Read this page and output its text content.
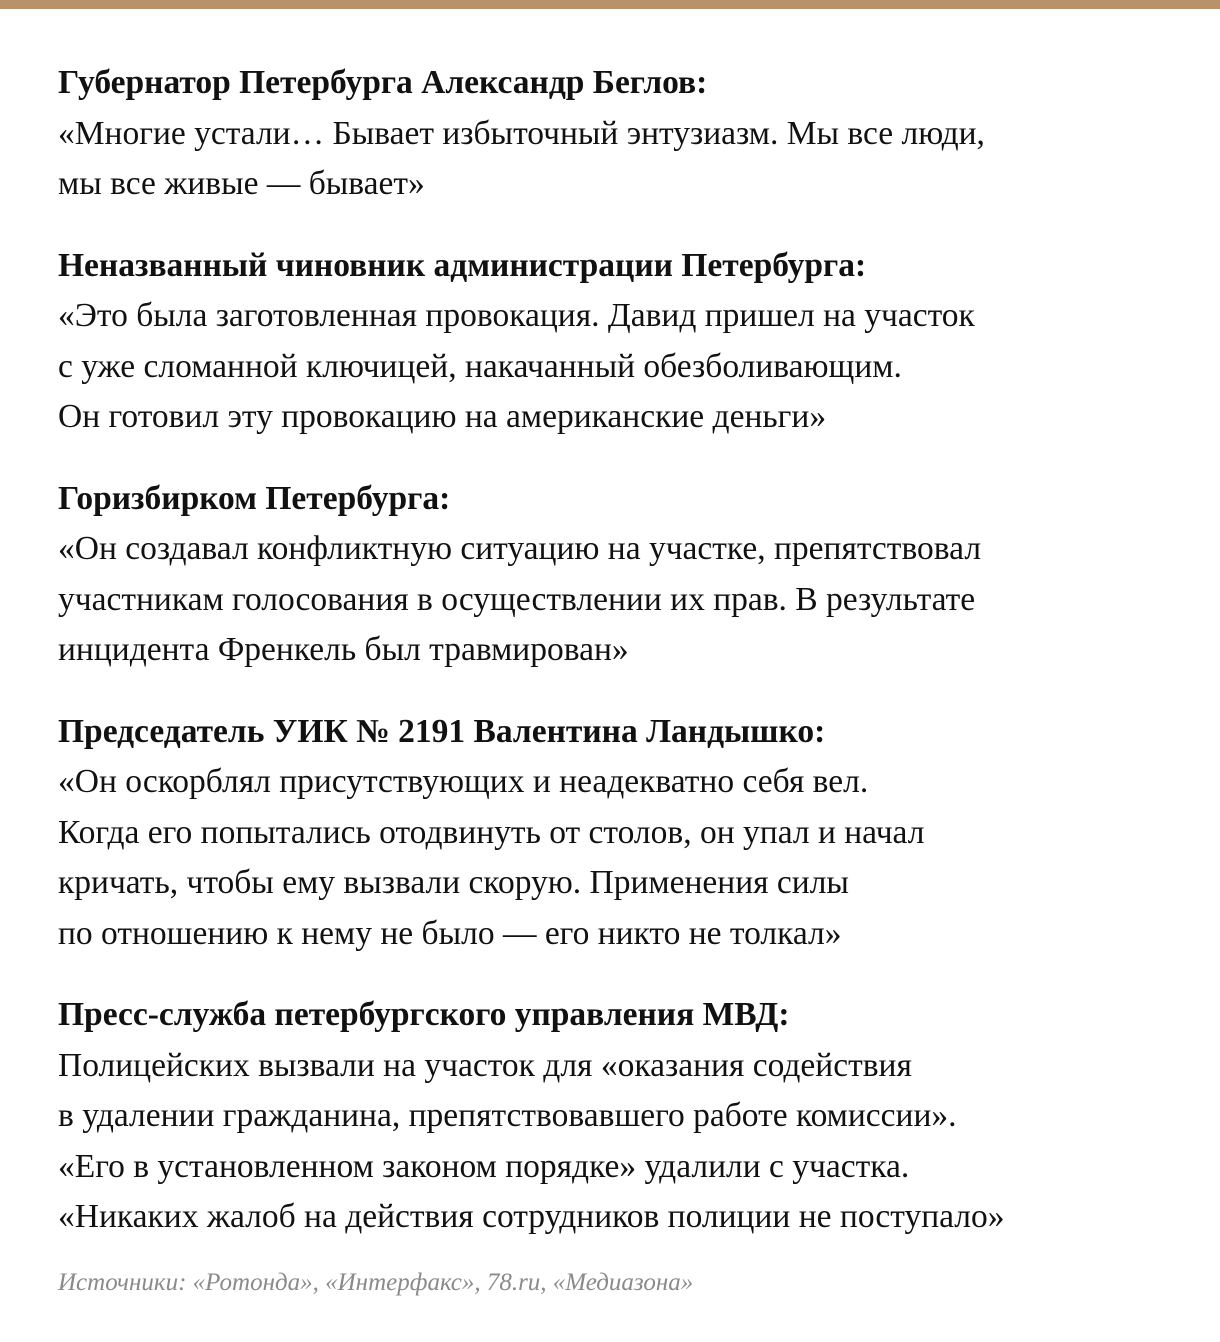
Губернатор Петербурга Александр Беглов:

«Многие устали… Бывает избыточный энтузиазм. Мы все люди,

мы все живые — бывает»

Неназванный чиновник администрации Петербурга:

«Это была заготовленная провокация. Давид пришел на участок

с уже сломанной ключицей, накачанный обезболивающим.

Он готовил эту провокацию на американские деньги»

Горизбирком Петербурга:

«Он создавал конфликтную ситуацию на участке, препятствовал

участникам голосования в осуществлении их прав. В результате

инцидента Френкель был травмирован»

Председатель УИК № 2191 Валентина Ландышко:

«Он оскорблял присутствующих и неадекватно себя вел.

Когда его попытались отодвинуть от столов, он упал и начал

кричать, чтобы ему вызвали скорую. Применения силы

по отношению к нему не было — его никто не толкал»

Пресс-служба петербургского управления МВД:

Полицейских вызвали на участок для «оказания содействия

в удалении гражданина, препятствовавшего работе комиссии».

«Его в установленном законом порядке» удалили с участка.

«Никаких жалоб на действия сотрудников полиции не поступало»

Источники: «Ротонда», «Интерфакс», 78.ru, «Медиазона»
